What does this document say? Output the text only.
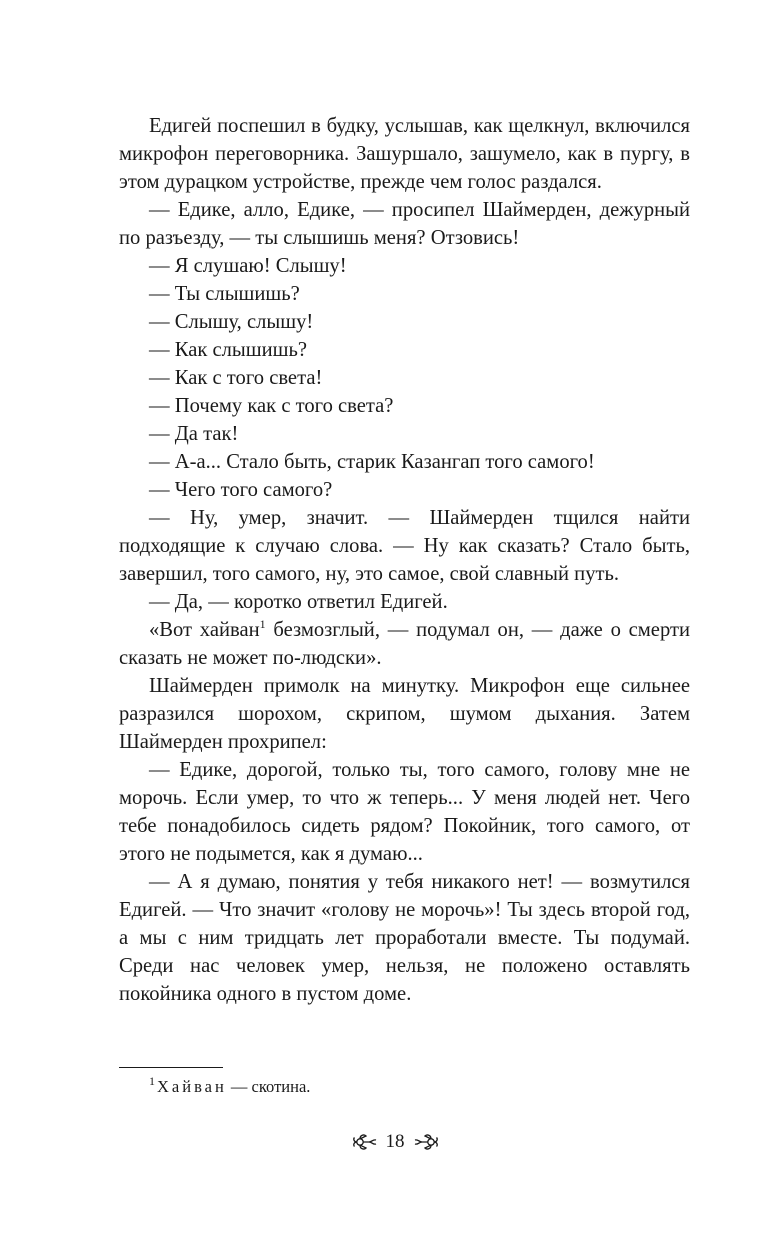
Едигей поспешил в будку, услышав, как щелкнул, включился микрофон переговорника. Зашуршало, зашумело, как в пургу, в этом дурацком устройстве, прежде чем голос раздался.

— Едике, алло, Едике, — просипел Шаймерден, дежурный по разъезду, — ты слышишь меня? Отзовись!

— Я слушаю! Слышу!

— Ты слышишь?

— Слышу, слышу!

— Как слышишь?

— Как с того света!

— Почему как с того света?

— Да так!

— А-а... Стало быть, старик Казангап того самого!

— Чего того самого?

— Ну, умер, значит. — Шаймерден тщился найти подходящие к случаю слова. — Ну как сказать? Стало быть, завершил, того самого, ну, это самое, свой славный путь.

— Да, — коротко ответил Едигей.

«Вот хайван$^1$ безмозглый, — подумал он, — даже о смерти сказать не может по-людски».

Шаймерден примолк на минутку. Микрофон еще сильнее разразился шорохом, скрипом, шумом дыхания. Затем Шаймерден прохрипел:

— Едике, дорогой, только ты, того самого, голову мне не морочь. Если умер, то что ж теперь... У меня людей нет. Чего тебе понадобилось сидеть рядом? Покойник, того самого, от этого не подымется, как я думаю...

— А я думаю, понятия у тебя никакого нет! — возмутился Едигей. — Что значит «голову не морочь»! Ты здесь второй год, а мы с ним тридцать лет проработали вместе. Ты подумай. Среди нас человек умер, нельзя, не положено оставлять покойника одного в пустом доме.

$^1$ Хайван — скотина.
18
